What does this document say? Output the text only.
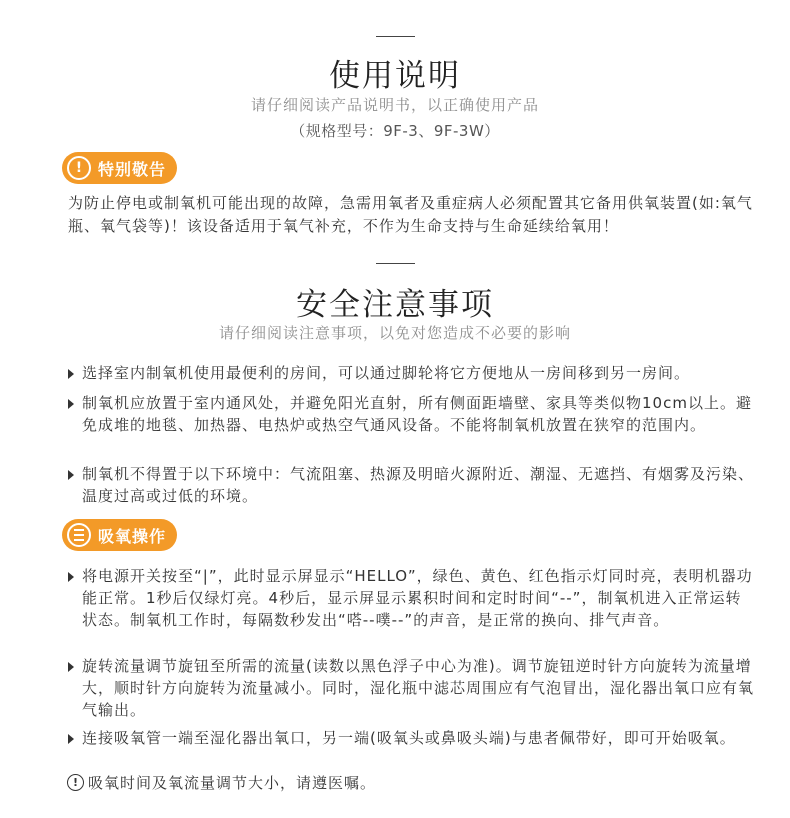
使用说明
请仔细阅读产品说明书，以正确使用产品
（规格型号：9F-3、9F-3W）
! 特别敬告

为防止停电或制氧机可能出现的故障，急需用氧者及重症病人必须配置其它备用供氧装置(如:氧气瓶、氧气袋等)！该设备适用于氧气补充，不作为生命支持与生命延续给氧用！

安全注意事项
请仔细阅读注意事项，以免对您造成不必要的影响

选择室内制氧机使用最便利的房间，可以通过脚轮将它方便地从一房间移到另一房间。

制氧机应放置于室内通风处，并避免阳光直射，所有侧面距墙壁、家具等类似物10cm以上。避免成堆的地毯、加热器、电热炉或热空气通风设备。不能将制氧机放置在狭窄的范围内。

制氧机不得置于以下环境中：气流阻塞、热源及明暗火源附近、潮湿、无遮挡、有烟雾及污染、温度过高或过低的环境。

吸氧操作

将电源开关按至“|”，此时显示屏显示“HELLO”，绿色、黄色、红色指示灯同时亮，表明机器功能正常。1秒后仅绿灯亮。4秒后，显示屏显示累积时间和定时时间“--”，制氧机进入正常运转状态。制氧机工作时，每隔数秒发出“嗒--噗--”的声音，是正常的换向、排气声音。

旋转流量调节旋钮至所需的流量(读数以黑色浮子中心为准)。调节旋钮逆时针方向旋转为流量增大，顺时针方向旋转为流量减小。同时，湿化瓶中滤芯周围应有气泡冒出，湿化器出氧口应有氧气输出。

连接吸氧管一端至湿化器出氧口，另一端(吸氧头或鼻吸头端)与患者佩带好，即可开始吸氧。

! 吸氧时间及氧流量调节大小，请遵医嘱。
